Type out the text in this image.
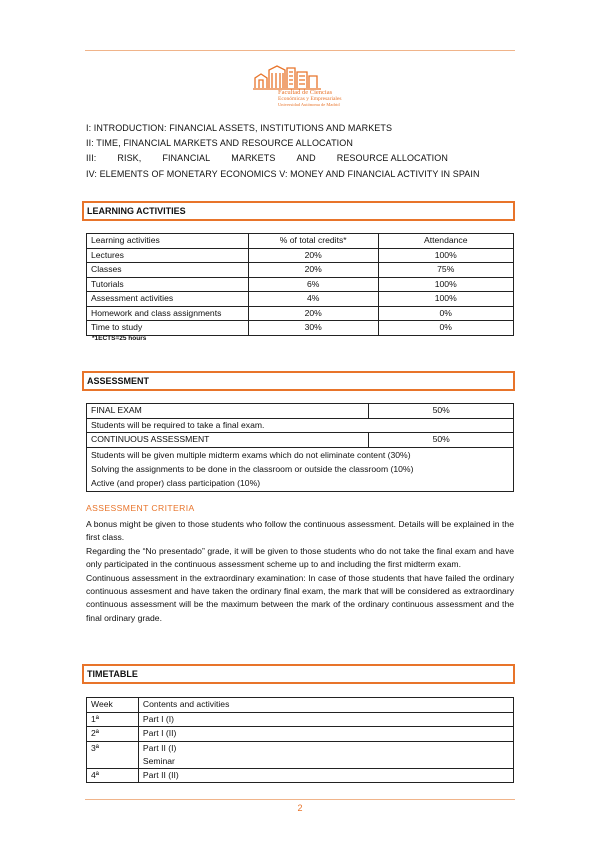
Facultad de Ciencias
Económicas y Empresariales
Universidad Autónoma de Madrid
I: INTRODUCTION: FINANCIAL ASSETS, INSTITUTIONS AND MARKETS
II: TIME, FINANCIAL MARKETS AND RESOURCE ALLOCATION
III: RISK, FINANCIAL MARKETS AND RESOURCE ALLOCATION
IV: ELEMENTS OF MONETARY ECONOMICS V: MONEY AND FINANCIAL ACTIVITY IN SPAIN
LEARNING ACTIVITIES
Learning activities	% of total credits*	Attendance
Lectures	20%	100%
Classes	20%	75%
Tutorials	6%	100%
Assessment activities	4%	100%
Homework and class assignments	20%	0%
Time to study	30%	0%
*1ECTS=25 hours
ASSESSMENT
FINAL EXAM	50%
Students will be required to take a final exam.	
CONTINUOUS ASSESSMENT	50%

Students will be given multiple midterm exams which do not eliminate content (30%)
Solving the assignments to be done in the classroom or outside the classroom (10%)
Active (and proper) class participation (10%)	
ASSESSMENT CRITERIA

A bonus might be given to those students who follow the continuous assessment. Details will be explained in the first class.

Regarding the “No presentado” grade, it will be given to those students who do not take the final exam and have only participated in the continuous assessment scheme up to and including the first midterm exam.

Continuous assessment in the extraordinary examination: In case of those students that have failed the ordinary continuous assesment and have taken the ordinary final exam, the mark that will be considered as extraordinary continuous assessment will be the maximum between the mark of the ordinary continuous assessment and the final ordinary grade.

TIMETABLE
Week	Contents and activities
1ª	Part I (I)
2ª	Part I (II)
3ª	Part II (I)
Seminar

4ª	Part II (II)
2
